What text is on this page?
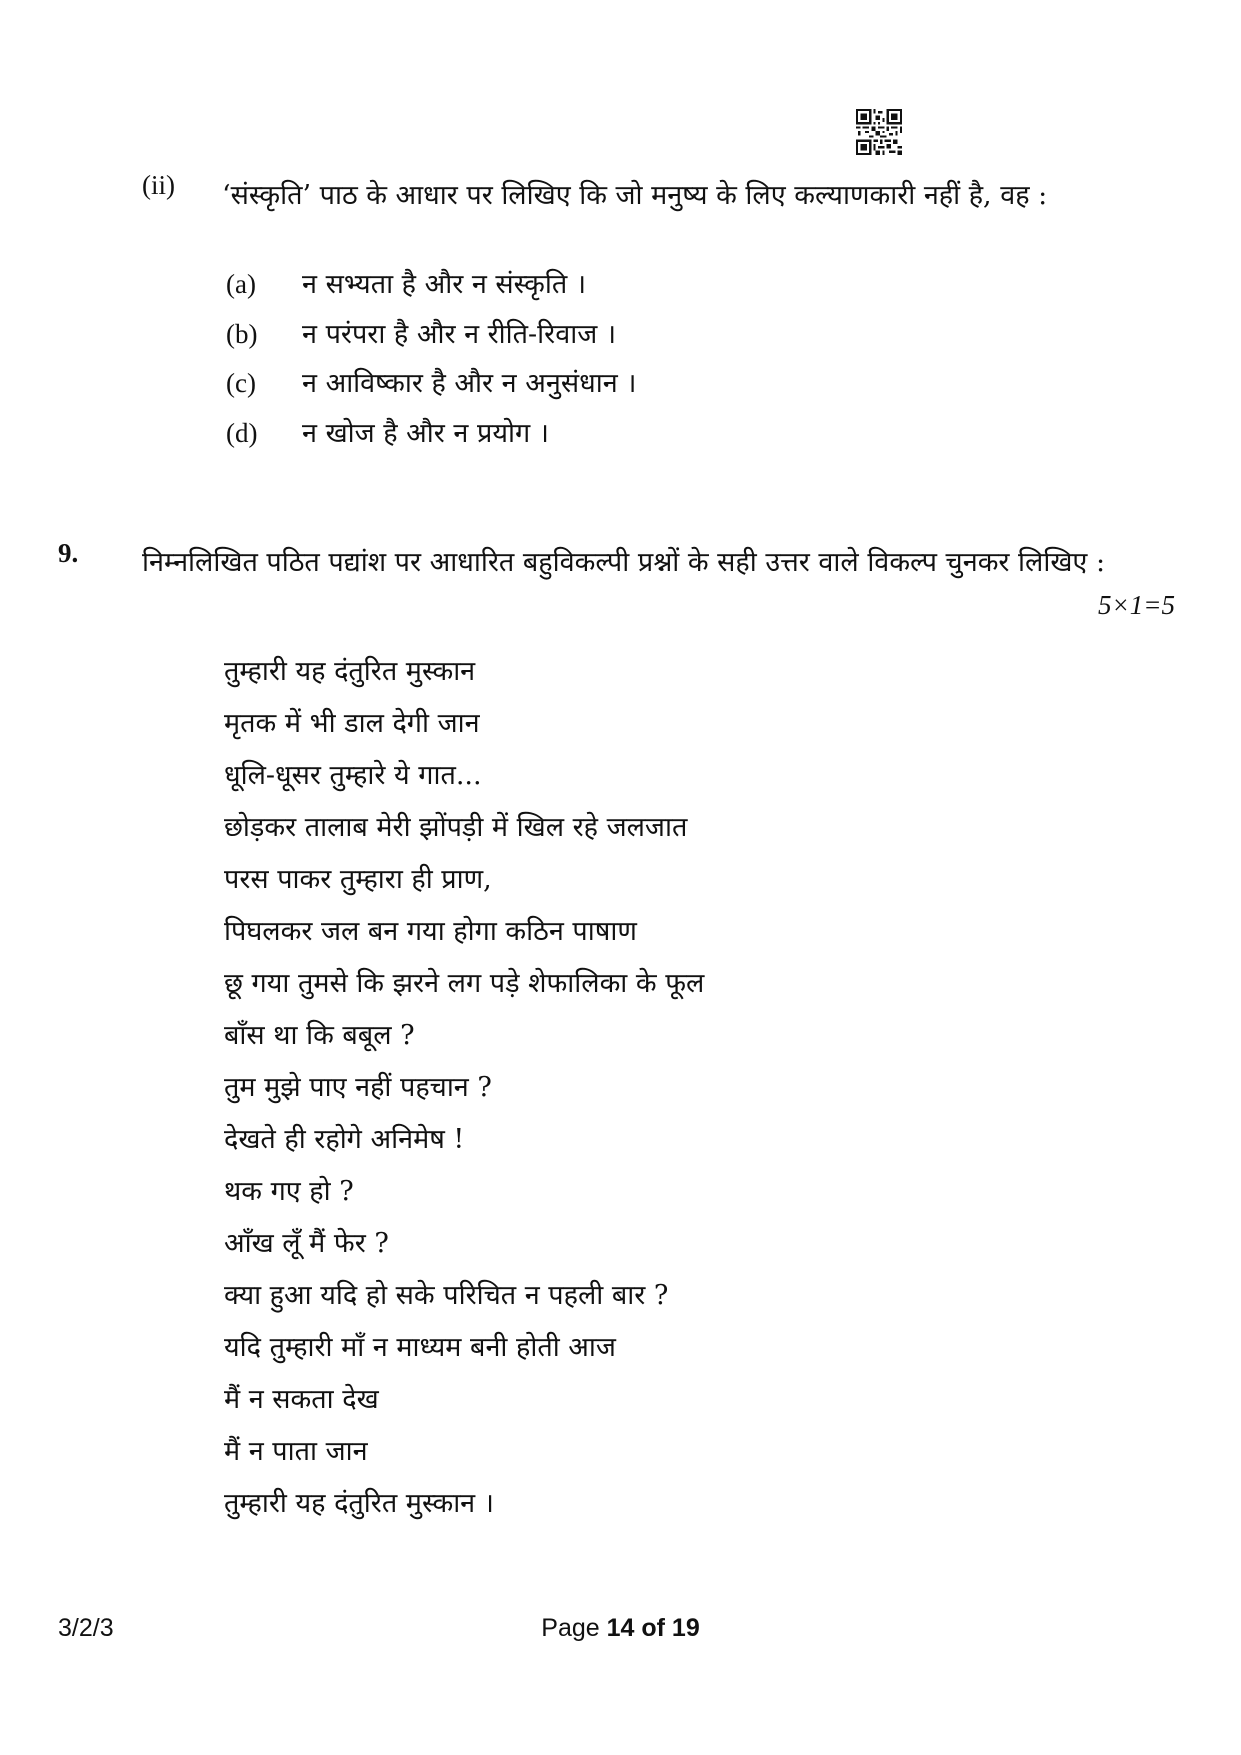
(ii) ‘संस्कृति’ पाठ के आधार पर लिखिए कि जो मनुष्य के लिए कल्याणकारी नहीं है, वह :
(a) न सभ्यता है और न संस्कृति ।
(b) न परंपरा है और न रीति-रिवाज ।
(c) न आविष्कार है और न अनुसंधान ।
(d) न खोज है और न प्रयोग ।
9. निम्नलिखित पठित पद्यांश पर आधारित बहुविकल्पी प्रश्नों के सही उत्तर वाले विकल्प चुनकर लिखिए :
5×1=5
तुम्हारी यह दंतुरित मुस्कान
मृतक में भी डाल देगी जान
धूलि-धूसर तुम्हारे ये गात...
छोड़कर तालाब मेरी झोंपड़ी में खिल रहे जलजात
परस पाकर तुम्हारा ही प्राण,
पिघलकर जल बन गया होगा कठिन पाषाण
छू गया तुमसे कि झरने लग पड़े शेफालिका के फूल
बाँस था कि बबूल ?
तुम मुझे पाए नहीं पहचान ?
देखते ही रहोगे अनिमेष !
थक गए हो ?
आँख लूँ मैं फेर ?
क्या हुआ यदि हो सके परिचित न पहली बार ?
यदि तुम्हारी माँ न माध्यम बनी होती आज
मैं न सकता देख
मैं न पाता जान
तुम्हारी यह दंतुरित मुस्कान ।
3/2/3	Page 14 of 19
